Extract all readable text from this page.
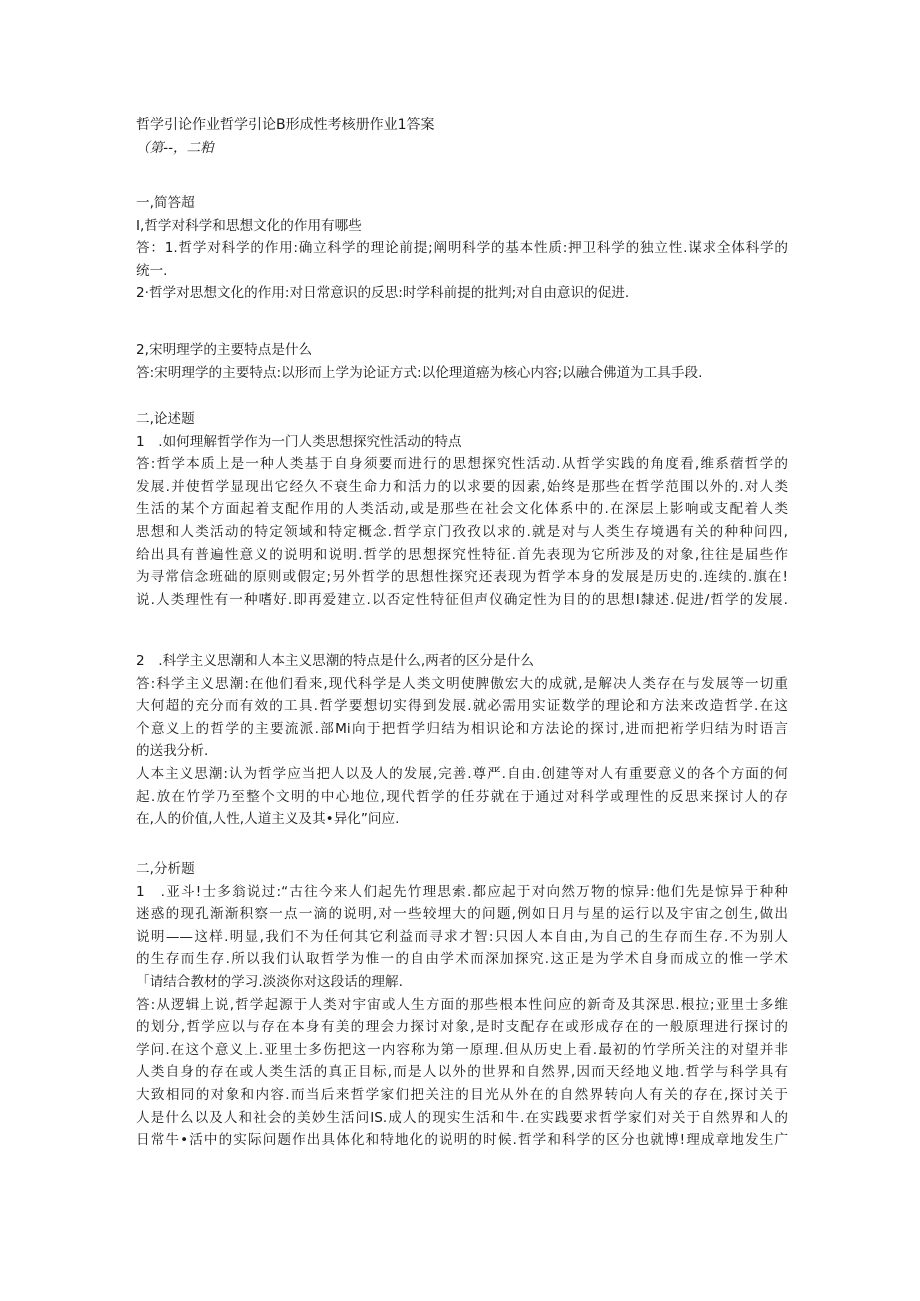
哲学引论作业哲学引论B形成性考核册作业1答案
（第--，二粕
一,简答超
I,哲学对科学和思想文化的作用有哪些
答：1.哲学对科学的作用:确立科学的理论前提;阐明科学的基本性质:押卫科学的独立性.谋求全体科学的
统一.
2·哲学对思想文化的作用:对日常意识的反思:时学科前提的批判;对自由意识的促进.
2,宋明理学的主要特点是什么
答:宋明理学的主要特点:以形而上学为论证方式:以伦理道癌为核心内容;以融合佛道为工具手段.
二,论述题
1　.如何理解哲学作为一门人类思想探究性活动的特点
答:哲学本质上是一种人类基于自身须要而进行的思想探究性活动.从哲学实践的角度看,维系蓿哲学的
发展.并使哲学显现出它经久不衰生命力和活力的以求要的因素,始终是那些在哲学范围以外的.对人类
生活的某个方面起着支配作用的人类活动,或是那些在社会文化体系中的.在深层上影响或支配着人类
思想和人类活动的特定领域和特定概念.哲学京门孜孜以求的.就是对与人类生存境遇有关的种种问四,
给出具有普遍性意义的说明和说明.哲学的思想探究性特征.首先表现为它所涉及的对象,往往是届些作
为寻常信念班础的原则或假定;另外哲学的思想性探究还表现为哲学本身的发展是历史的.连续的.旗在!
说.人类理性有一种嗜好.即再爱建立.以否定性特征但声仪确定性为目的的思想I隸述.促进/哲学的发展.
2　.科学主义思潮和人本主义思潮的特点是什么,两者的区分是什么
答:科学主义思潮:在他们看来,现代科学是人类文明使脾傲宏大的成就,是解决人类存在与发展等一切重
大何超的充分而有效的工具.哲学要想切实得到发展.就必需用实证数学的理论和方法来改造哲学.在这
个意义上的哲学的主要流派.部Mi向于把哲学归结为相识论和方法论的探讨,进而把裄学归结为时语言
的送我分析.
人本主义思潮:认为哲学应当把人以及人的发展,完善.尊严.自由.创建等对人有重要意义的各个方面的何
起.放在竹学乃至整个文明的中心地位,现代哲学的任芬就在于通过对科学或理性的反思来探讨人的存
在,人的价值,人性,人道主义及其•异化”问应.
二,分析题
1　.亚斗!士多翁说过:“古往今来人们起先竹理思索.都应起于对向然万物的惊异:他们先是惊异于种种
迷惑的现孔渐渐积察一点一滴的说明,对一些较埋大的问题,例如日月与星的运行以及宇宙之创生,做出
说明——这样.明显,我们不为任何其它利益而寻求才智:只因人本自由,为自己的生存而生存.不为别人
的生存而生存.所以我们认取哲学为惟一的自由学术而深加探究.这正是为学术自身而成立的惟一学术
「请结合教材的学习.淡淡你对这段话的理解.
答:从逻辑上说,哲学起源于人类对宇宙或人生方面的那些根本性问应的新奇及其深思.根拉;亚里士多维
的划分,哲学应以与存在本身有美的理会力探讨对象,是时支配存在或形成存在的一般原理进行探讨的
学问.在这个意义上.亚里士多伤把这一内容称为第一原理.但从历史上看.最初的竹学所关注的对望并非
人类自身的存在或人类生活的真正目标,而是人以外的世界和自然界,因而天经地义地.哲学与科学具有
大致相同的对象和内容.而当后来哲学家们把关注的目光从外在的自然界转向人有关的存在,探讨关于
人是什么以及人和社会的美妙生活问IS.成人的现实生活和牛.在实践要求哲学家们对关于自然界和人的
日常牛•活中的实际问题作出具体化和特地化的说明的时候.哲学和科学的区分也就博!理成章地发生广
